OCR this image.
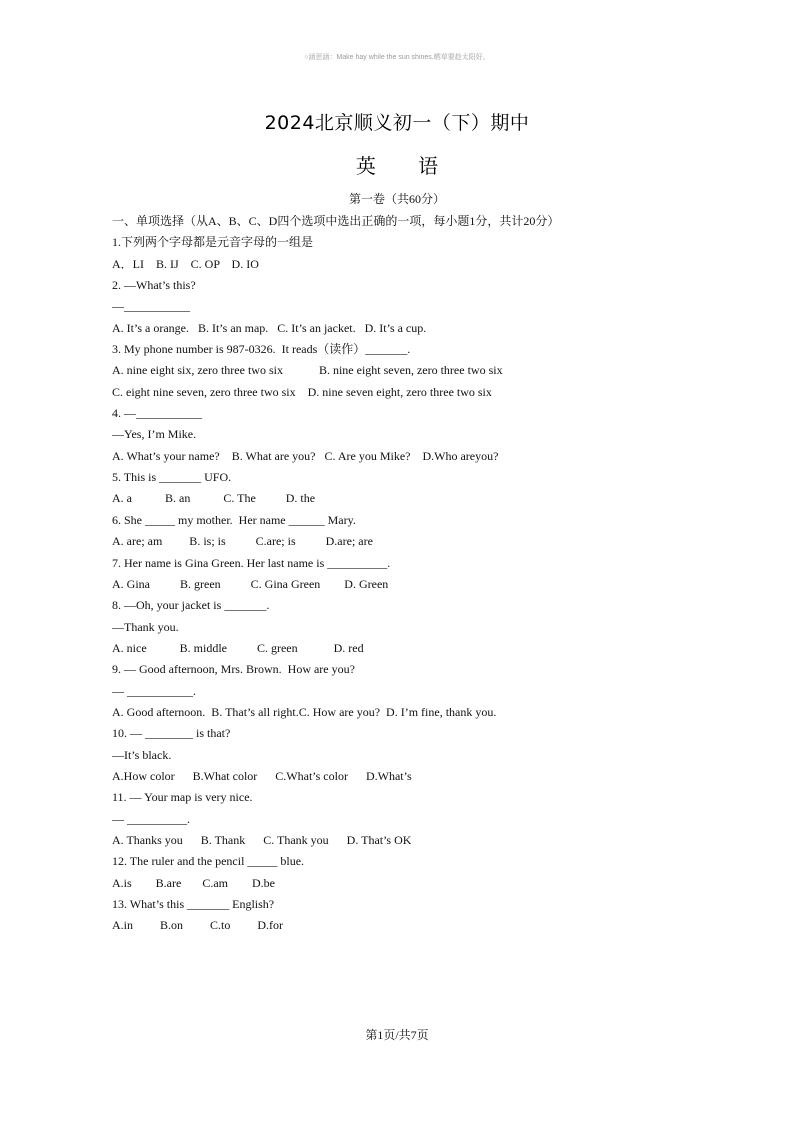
○涵思涵：Make hay while the sun shines.晒草要趁太阳好。
2024北京顺义初一（下）期中
英 语
第一卷（共60分）
一、单项选择（从A、B、C、D四个选项中选出正确的一项，每小题1分，共计20分）
1.下列两个字母都是元音字母的一组是
A．LI    B. IJ    C. OP    D. IO
2. —What’s this?
—___________
A. It’s a orange.   B. It’s an map.   C. It’s an jacket.   D. It’s a cup.
3. My phone number is 987-0326.  It reads（读作）_______.
A. nine eight six, zero three two six            B. nine eight seven, zero three two six
C. eight nine seven, zero three two six    D. nine seven eight, zero three two six
4. —___________
—Yes, I’m Mike.
A. What’s your name?    B. What are you?   C. Are you Mike?    D.Who areyou?
5. This is _______ UFO.
A. a           B. an           C. The          D. the
6. She _____ my mother.  Her name ______ Mary.
A. are; am         B. is; is          C.are; is          D.are; are
7. Her name is Gina Green. Her last name is __________.
A. Gina          B. green          C. Gina Green        D. Green
8. —Oh, your jacket is _______.
—Thank you.
A. nice           B. middle          C. green            D. red
9. — Good afternoon, Mrs. Brown.  How are you?
— ___________.
A. Good afternoon.  B. That’s all right.C. How are you?  D. I’m fine, thank you.
10. — ________ is that?
—It’s black.
A.How color      B.What color      C.What’s color      D.What’s
11. — Your map is very nice.
— __________.
A. Thanks you      B. Thank      C. Thank you      D. That’s OK
12. The ruler and the pencil _____ blue.
A.is        B.are       C.am        D.be
13. What’s this _______ English?
A.in         B.on         C.to         D.for
第1页/共7页
